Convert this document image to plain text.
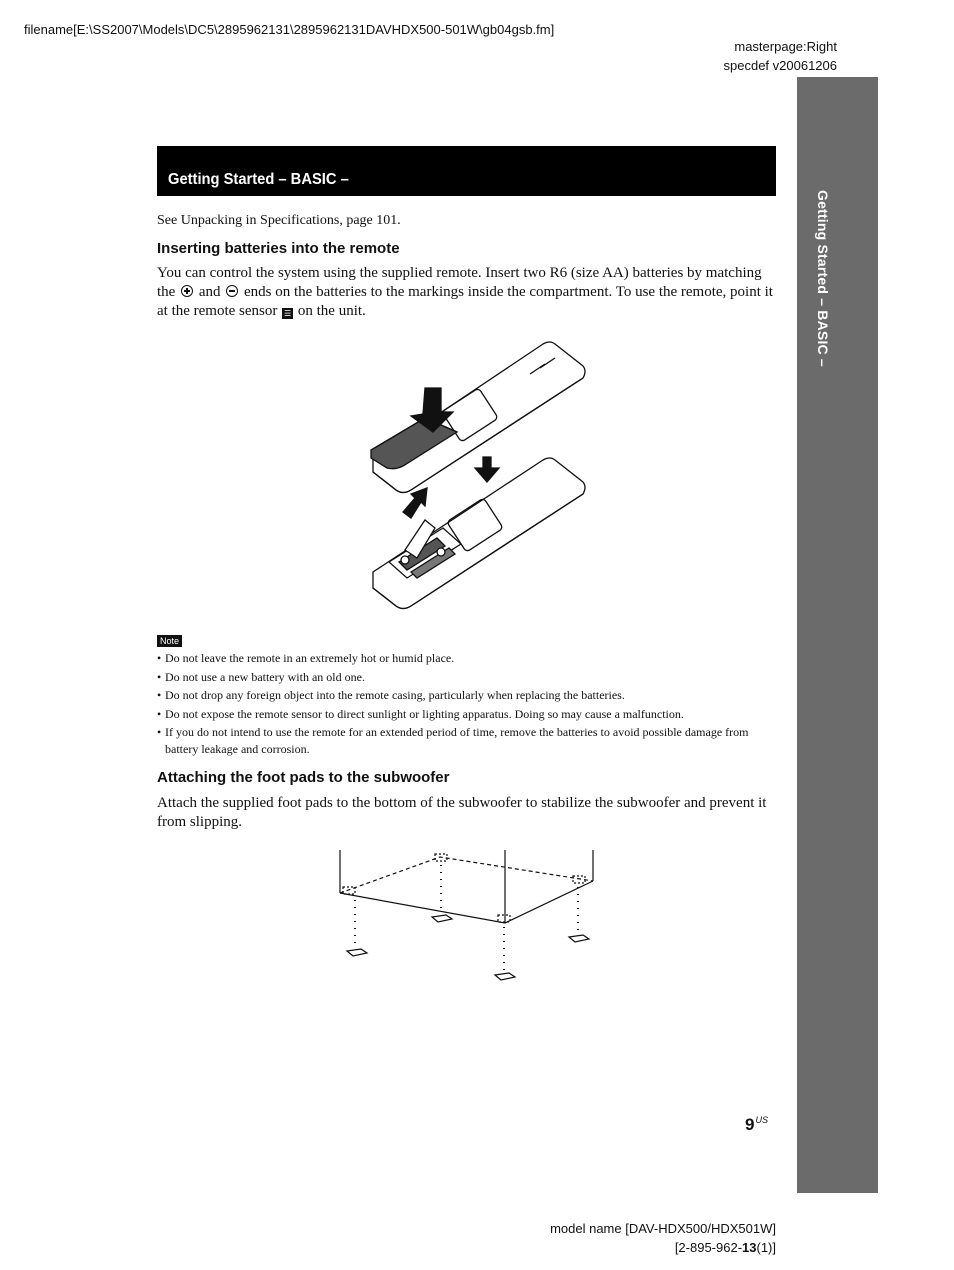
filename[E:\SS2007\Models\DC5\2895962131\2895962131DAVHDX500-501W\gb04gsb.fm]
masterpage:Right
specdef v20061206
Getting Started – BASIC –
Getting Started – BASIC –
See Unpacking in Specifications, page 101.
Inserting batteries into the remote
You can control the system using the supplied remote. Insert two R6 (size AA) batteries by matching the and ends on the batteries to the markings inside the compartment. To use the remote, point it at the remote sensor ☰ on the unit.
Note
• Do not leave the remote in an extremely hot or humid place.
• Do not use a new battery with an old one.
• Do not drop any foreign object into the remote casing, particularly when replacing the batteries.
• Do not expose the remote sensor to direct sunlight or lighting apparatus. Doing so may cause a malfunction.
• If you do not intend to use the remote for an extended period of time, remove the batteries to avoid possible damage from battery leakage and corrosion.
Attaching the foot pads to the subwoofer
Attach the supplied foot pads to the bottom of the subwoofer to stabilize the subwoofer and prevent it from slipping.
$9^{US}$
model name [DAV-HDX500/HDX501W]
[2-895-962-13(1)]
